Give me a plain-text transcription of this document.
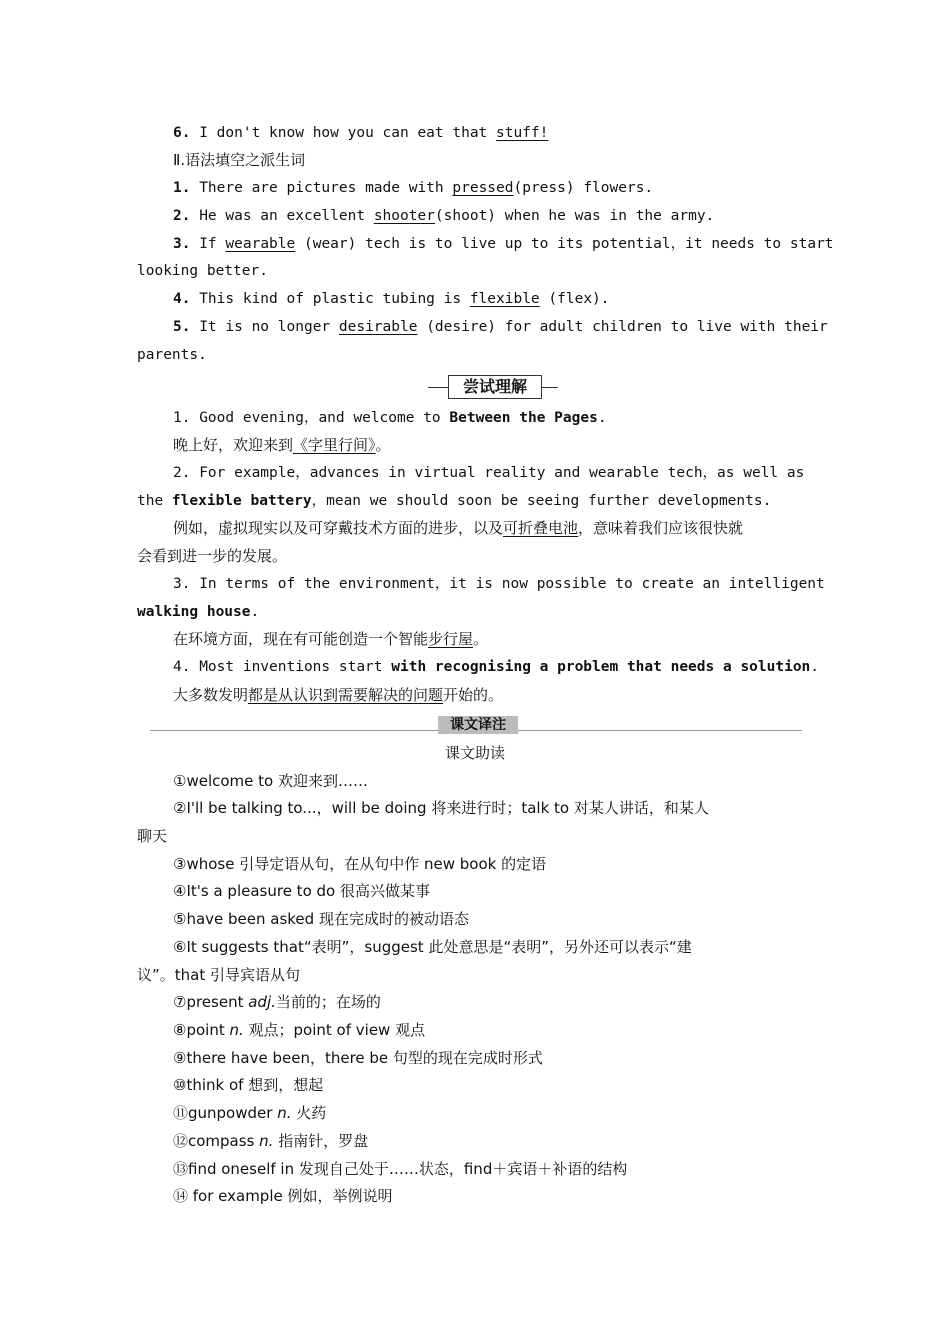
6. I don't know how you can eat that stuff!
Ⅱ.语法填空之派生词
1. There are pictures made with pressed(press) flowers.
2. He was an excellent shooter(shoot) when he was in the army.
3. If wearable (wear) tech is to live up to its potential，it needs to start
looking better.
4. This kind of plastic tubing is flexible (flex).
5. It is no longer desirable (desire) for adult children to live with their
parents.
尝试理解
1. Good evening，and welcome to Between the Pages.
晚上好，欢迎来到《字里行间》。
2. For example，advances in virtual reality and wearable tech，as well as
the flexible battery，mean we should soon be seeing further developments.
例如，虚拟现实以及可穿戴技术方面的进步，以及可折叠电池，意味着我们应该很快就
会看到进一步的发展。
3. In terms of the environment，it is now possible to create an intelligent
walking house.
在环境方面，现在有可能创造一个智能步行屋。
4. Most inventions start with recognising a problem that needs a solution.
大多数发明都是从认识到需要解决的问题开始的。
课文译注
课文助读
①welcome to 欢迎来到……
②I'll be talking to...，will be doing 将来进行时；talk to 对某人讲话，和某人
聊天
③whose 引导定语从句，在从句中作 new book 的定语
④It's a pleasure to do 很高兴做某事
⑤have been asked 现在完成时的被动语态
⑥It suggests that“表明”，suggest 此处意思是“表明”，另外还可以表示“建
议”。that 引导宾语从句
⑦present adj.当前的；在场的
⑧point n. 观点；point of view 观点
⑨there have been，there be 句型的现在完成时形式
⑩think of 想到，想起
⑪gunpowder n. 火药
⑫compass n. 指南针，罗盘
⑬find oneself in 发现自己处于……状态，find＋宾语＋补语的结构
⑭ for example 例如，举例说明
